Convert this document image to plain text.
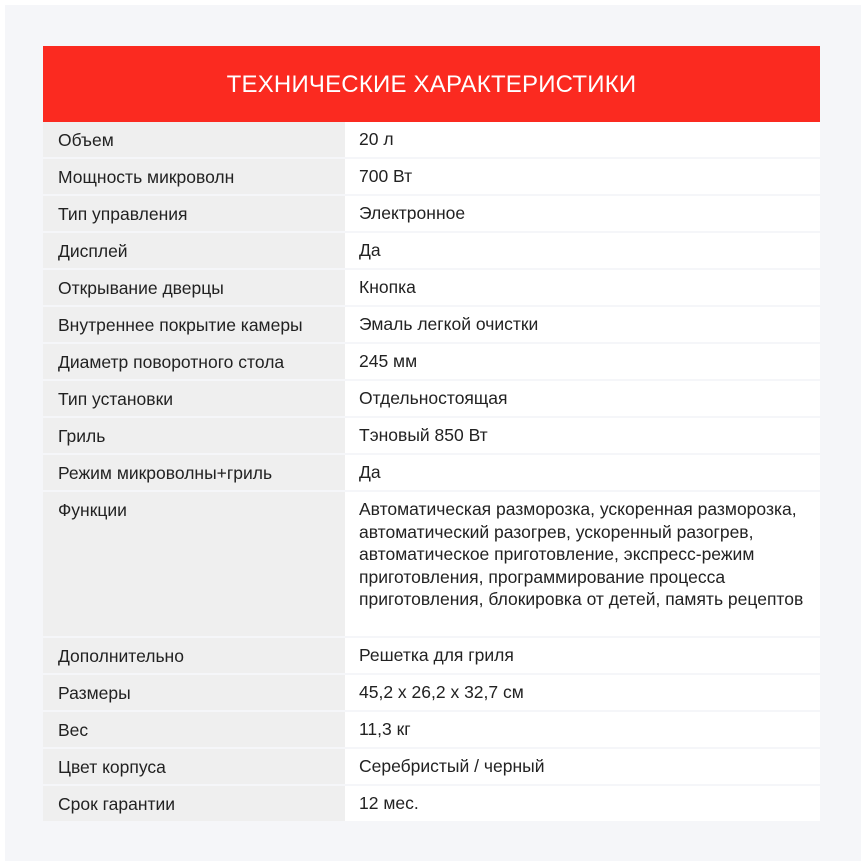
ТЕХНИЧЕСКИЕ ХАРАКТЕРИСТИКИ
Объем	20 л
Мощность микроволн	700 Вт
Тип управления	Электронное
Дисплей	Да
Открывание дверцы	Кнопка
Внутреннее покрытие камеры	Эмаль легкой очистки
Диаметр поворотного стола	245 мм
Тип установки	Отдельностоящая
Гриль	Тэновый 850 Вт
Режим микроволны+гриль	Да
Функции	Автоматическая разморозка, ускоренная разморозка, автоматический разогрев, ускоренный разогрев, автоматическое приготовление, экспресс-режим приготовления, программирование процесса приготовления, блокировка от детей, память рецептов
Дополнительно	Решетка для гриля
Размеры	45,2 x 26,2 x 32,7 см
Вес	11,3 кг
Цвет корпуса	Серебристый / черный
Срок гарантии	12 мес.
